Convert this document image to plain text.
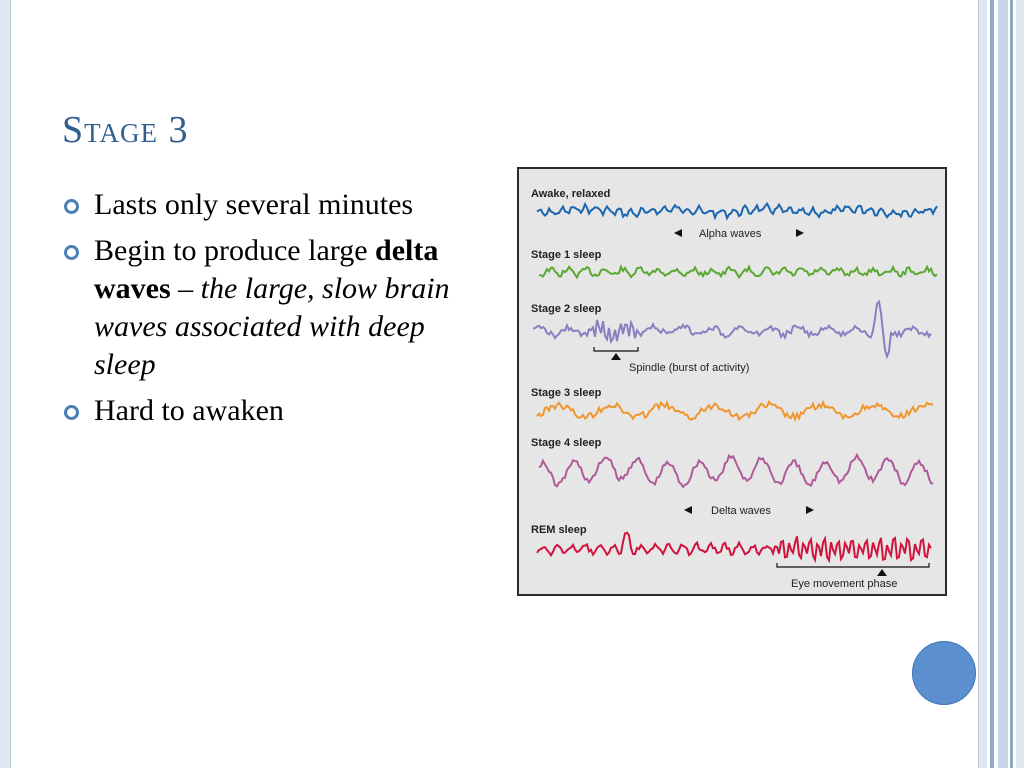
Stage 3
Lasts only several minutes
Begin to produce large delta waves – the large, slow brain waves associated with deep sleep
Hard to awaken
Awake, relaxed
Alpha waves
Stage 1 sleep
Stage 2 sleep
Spindle (burst of activity)
Stage 3 sleep
Stage 4 sleep
Delta waves
REM sleep
Eye movement phase
